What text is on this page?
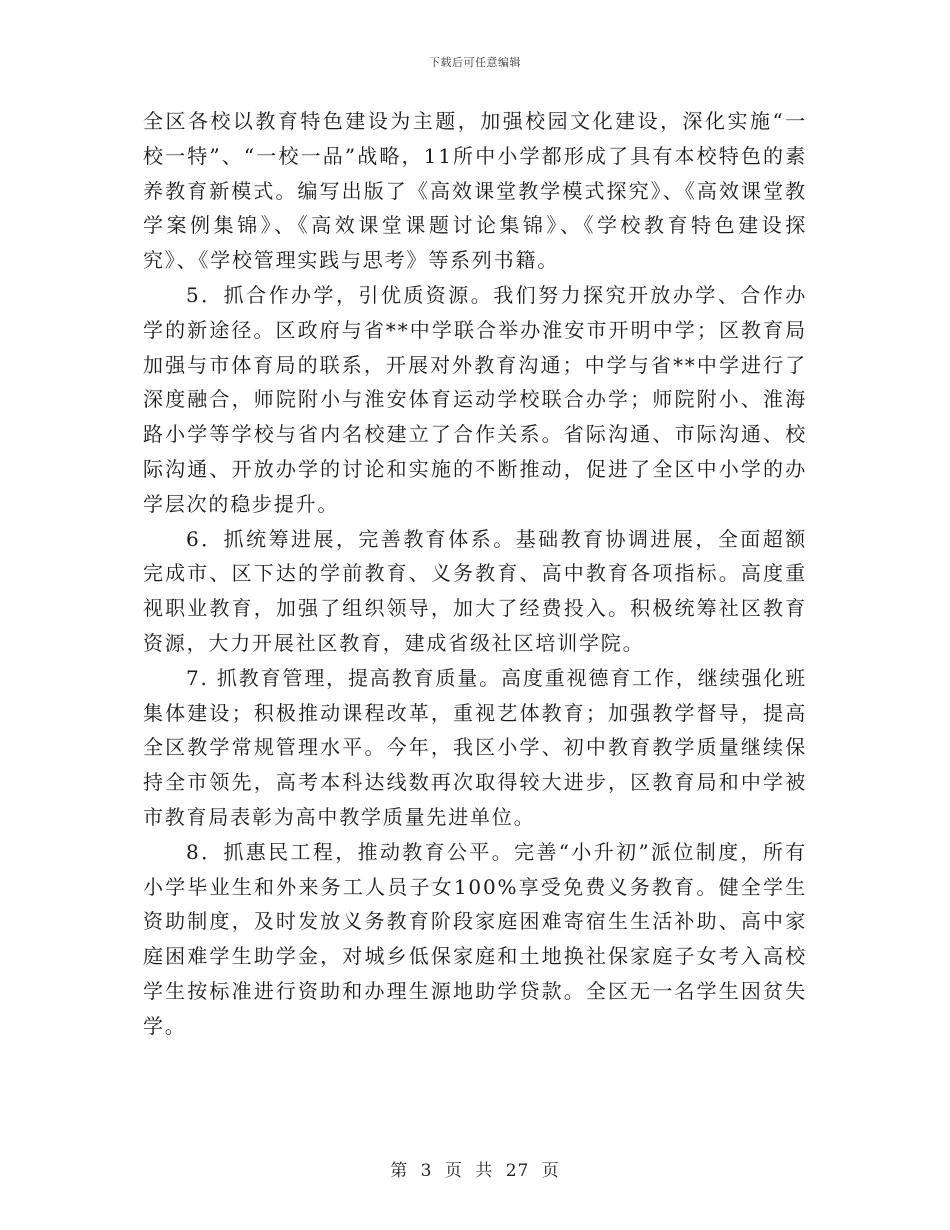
下载后可任意编辑

全区各校以教育特色建设为主题，加强校园文化建设，深化实施“一校一特”、“一校一品”战略，11所中小学都形成了具有本校特色的素养教育新模式。编写出版了《高效课堂教学模式探究》、《高效课堂教学案例集锦》、《高效课堂课题讨论集锦》、《学校教育特色建设探究》、《学校管理实践与思考》等系列书籍。

5．抓合作办学，引优质资源。我们努力探究开放办学、合作办学的新途径。区政府与省**中学联合举办淮安市开明中学；区教育局加强与市体育局的联系，开展对外教育沟通；中学与省**中学进行了深度融合，师院附小与淮安体育运动学校联合办学；师院附小、淮海路小学等学校与省内名校建立了合作关系。省际沟通、市际沟通、校际沟通、开放办学的讨论和实施的不断推动，促进了全区中小学的办学层次的稳步提升。

6．抓统筹进展，完善教育体系。基础教育协调进展，全面超额完成市、区下达的学前教育、义务教育、高中教育各项指标。高度重视职业教育，加强了组织领导，加大了经费投入。积极统筹社区教育资源，大力开展社区教育，建成省级社区培训学院。

7. 抓教育管理，提高教育质量。高度重视德育工作，继续强化班集体建设；积极推动课程改革，重视艺体教育；加强教学督导，提高全区教学常规管理水平。今年，我区小学、初中教育教学质量继续保持全市领先，高考本科达线数再次取得较大进步，区教育局和中学被市教育局表彰为高中教学质量先进单位。

8．抓惠民工程，推动教育公平。完善“小升初”派位制度，所有小学毕业生和外来务工人员子女100%享受免费义务教育。健全学生资助制度，及时发放义务教育阶段家庭困难寄宿生生活补助、高中家庭困难学生助学金，对城乡低保家庭和土地换社保家庭子女考入高校学生按标准进行资助和办理生源地助学贷款。全区无一名学生因贫失学。

第 3 页 共 27 页
